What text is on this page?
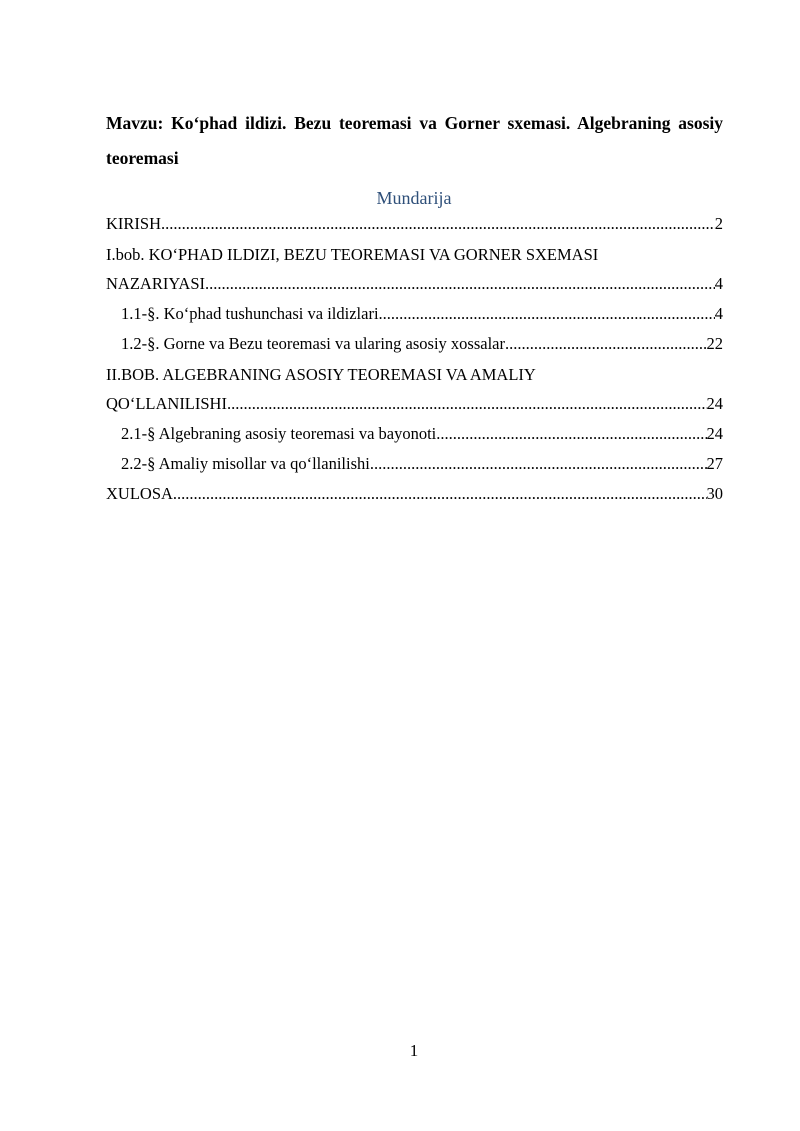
Mavzu: Koʻphad ildizi. Bezu teoremasi va Gorner sxemasi. Algebraning asosiy teoremasi
Mundarija
KIRISH .....	2
I.bob. KOʻPHAD ILDIZI, BEZU TEOREMASI VA GORNER SXEMASI
NAZARIYASI .....	4
1.1-§. Koʻphad tushunchasi va ildizlari .....	4
1.2-§. Gorne va Bezu teoremasi va ularing asosiy xossalar .....	22
II.BOB. ALGEBRANING ASOSIY TEOREMASI VA AMALIY
QOʻLLANILISHI .....	24
2.1-§ Algebraning asosiy teoremasi va bayonoti .....	24
2.2-§ Amaliy misollar va qoʻllanilishi .....	27
XULOSA .....	30
1
